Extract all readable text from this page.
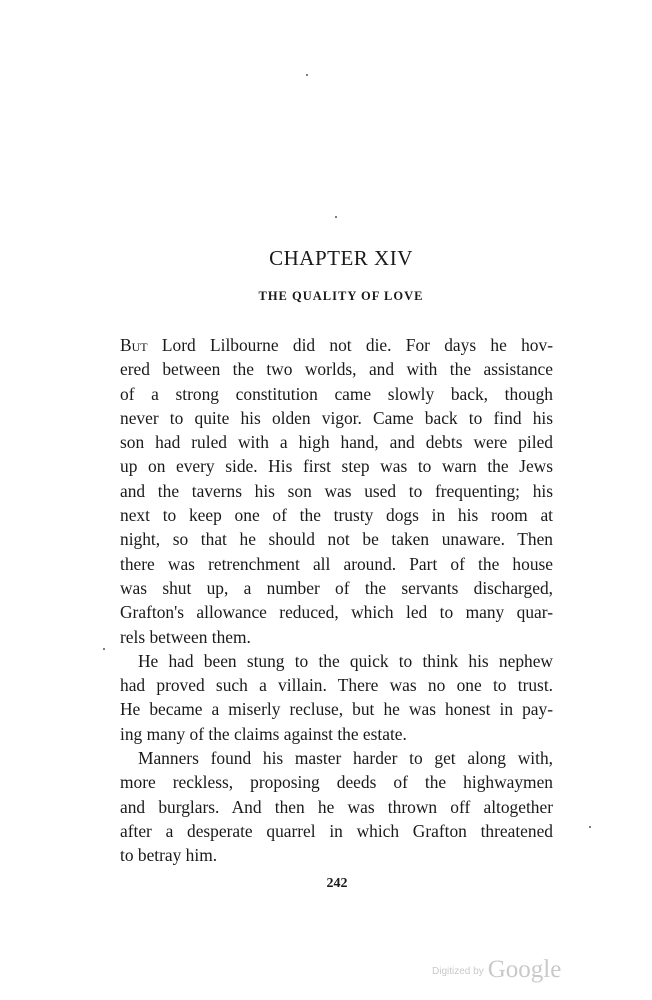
CHAPTER XIV
THE QUALITY OF LOVE
But Lord Lilbourne did not die. For days he hov-
ered between the two worlds, and with the assistance
of a strong constitution came slowly back, though
never to quite his olden vigor. Came back to find his
son had ruled with a high hand, and debts were piled
up on every side. His first step was to warn the Jews
and the taverns his son was used to frequenting; his
next to keep one of the trusty dogs in his room at
night, so that he should not be taken unaware. Then
there was retrenchment all around. Part of the house
was shut up, a number of the servants discharged,
Grafton's allowance reduced, which led to many quar-
rels between them.
He had been stung to the quick to think his nephew
had proved such a villain. There was no one to trust.
He became a miserly recluse, but he was honest in pay-
ing many of the claims against the estate.
Manners found his master harder to get along with,
more reckless, proposing deeds of the highwaymen
and burglars. And then he was thrown off altogether
after a desperate quarrel in which Grafton threatened
to betray him.
242
Digitized by Google
